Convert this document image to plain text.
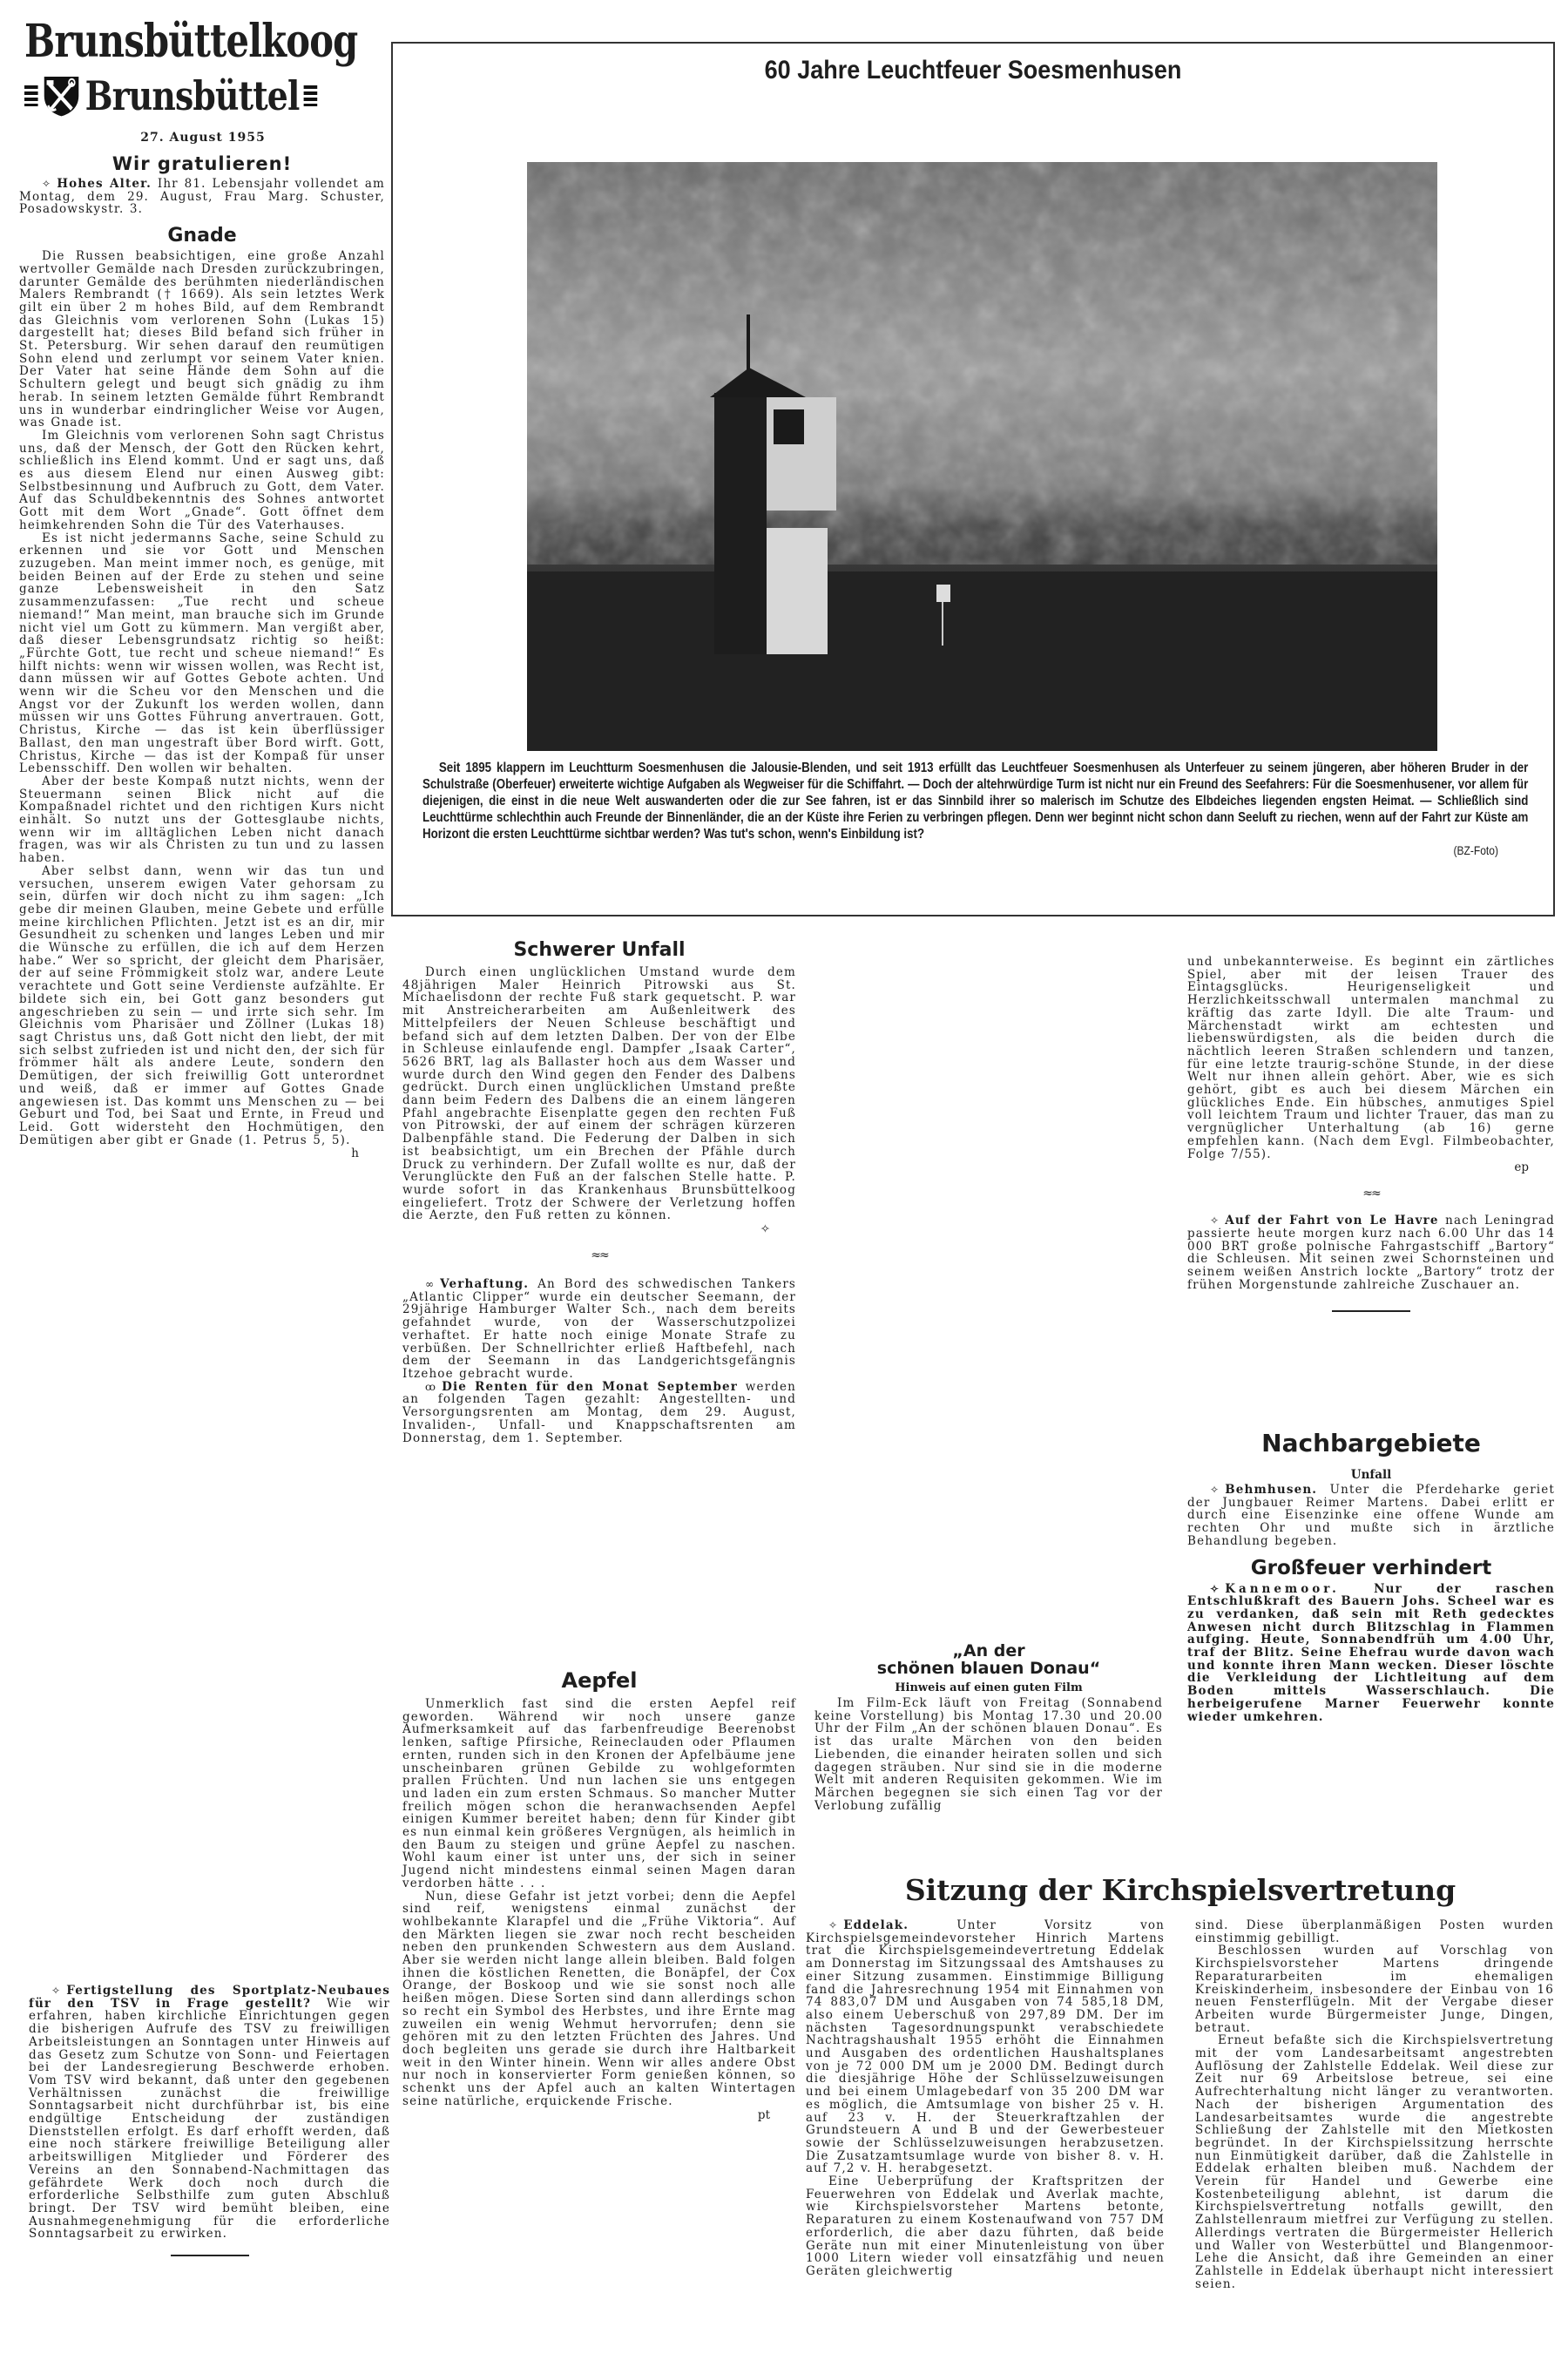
Brunsbüttelkoog
Brunsbüttel
27. August 1955
Wir gratulieren!

✧ Hohes Alter. Ihr 81. Lebensjahr vollendet am Montag, dem 29. August, Frau Marg. Schuster, Posadowskystr. 3.

Gnade

Die Russen beabsichtigen, eine große Anzahl wertvoller Gemälde nach Dresden zurückzubringen, darunter Gemälde des berühmten niederländischen Malers Rembrandt († 1669). Als sein letztes Werk gilt ein über 2 m hohes Bild, auf dem Rembrandt das Gleichnis vom verlorenen Sohn (Lukas 15) dargestellt hat; dieses Bild befand sich früher in St. Petersburg. Wir sehen darauf den reumütigen Sohn elend und zerlumpt vor seinem Vater knien. Der Vater hat seine Hände dem Sohn auf die Schultern gelegt und beugt sich gnädig zu ihm herab. In seinem letzten Gemälde führt Rembrandt uns in wunderbar eindringlicher Weise vor Augen, was Gnade ist.

Im Gleichnis vom verlorenen Sohn sagt Christus uns, daß der Mensch, der Gott den Rücken kehrt, schließlich ins Elend kommt. Und er sagt uns, daß es aus diesem Elend nur einen Ausweg gibt: Selbstbesinnung und Aufbruch zu Gott, dem Vater. Auf das Schuldbekenntnis des Sohnes antwortet Gott mit dem Wort „Gnade“. Gott öffnet dem heimkehrenden Sohn die Tür des Vaterhauses.

Es ist nicht jedermanns Sache, seine Schuld zu erkennen und sie vor Gott und Menschen zuzugeben. Man meint immer noch, es genüge, mit beiden Beinen auf der Erde zu stehen und seine ganze Lebensweisheit in den Satz zusammenzufassen: „Tue recht und scheue niemand!“ Man meint, man brauche sich im Grunde nicht viel um Gott zu kümmern. Man vergißt aber, daß dieser Lebensgrundsatz richtig so heißt: „Fürchte Gott, tue recht und scheue niemand!“ Es hilft nichts: wenn wir wissen wollen, was Recht ist, dann müssen wir auf Gottes Gebote achten. Und wenn wir die Scheu vor den Menschen und die Angst vor der Zukunft los werden wollen, dann müssen wir uns Gottes Führung anvertrauen. Gott, Christus, Kirche — das ist kein überflüssiger Ballast, den man ungestraft über Bord wirft. Gott, Christus, Kirche — das ist der Kompaß für unser Lebensschiff. Den wollen wir behalten.

Aber der beste Kompaß nutzt nichts, wenn der Steuermann seinen Blick nicht auf die Kompaßnadel richtet und den richtigen Kurs nicht einhält. So nutzt uns der Gottesglaube nichts, wenn wir im alltäglichen Leben nicht danach fragen, was wir als Christen zu tun und zu lassen haben.

Aber selbst dann, wenn wir das tun und versuchen, unserem ewigen Vater gehorsam zu sein, dürfen wir doch nicht zu ihm sagen: „Ich gebe dir meinen Glauben, meine Gebete und erfülle meine kirchlichen Pflichten. Jetzt ist es an dir, mir Gesundheit zu schenken und langes Leben und mir die Wünsche zu erfüllen, die ich auf dem Herzen habe.“ Wer so spricht, der gleicht dem Pharisäer, der auf seine Frömmigkeit stolz war, andere Leute verachtete und Gott seine Verdienste aufzählte. Er bildete sich ein, bei Gott ganz besonders gut angeschrieben zu sein — und irrte sich sehr. Im Gleichnis vom Pharisäer und Zöllner (Lukas 18) sagt Christus uns, daß Gott nicht den liebt, der mit sich selbst zufrieden ist und nicht den, der sich für frömmer hält als andere Leute, sondern den Demütigen, der sich freiwillig Gott unterordnet und weiß, daß er immer auf Gottes Gnade angewiesen ist. Das kommt uns Menschen zu — bei Geburt und Tod, bei Saat und Ernte, in Freud und Leid. Gott widersteht den Hochmütigen, den Demütigen aber gibt er Gnade (1. Petrus 5, 5).

h

✧ Fertigstellung des Sportplatz-Neubaues für den TSV in Frage gestellt? Wie wir erfahren, haben kirchliche Einrichtungen gegen die bisherigen Aufrufe des TSV zu freiwilligen Arbeitsleistungen an Sonntagen unter Hinweis auf das Gesetz zum Schutze von Sonn- und Feiertagen bei der Landesregierung Beschwerde erhoben. Vom TSV wird bekannt, daß unter den gegebenen Verhältnissen zunächst die freiwillige Sonntagsarbeit nicht durchführbar ist, bis eine endgültige Entscheidung der zuständigen Dienststellen erfolgt. Es darf erhofft werden, daß eine noch stärkere freiwillige Beteiligung aller arbeitswilligen Mitglieder und Förderer des Vereins an den Sonnabend-Nachmittagen das gefährdete Werk doch noch durch die erforderliche Selbsthilfe zum guten Abschluß bringt. Der TSV wird bemüht bleiben, eine Ausnahmegenehmigung für die erforderliche Sonntagsarbeit zu erwirken.

60 Jahre Leuchtfeuer Soesmenhusen

Seit 1895 klappern im Leuchtturm Soesmenhusen die Jalousie-Blenden, und seit 1913 erfüllt das Leuchtfeuer Soesmenhusen als Unterfeuer zu seinem jüngeren, aber höheren Bruder in der Schulstraße (Oberfeuer) erweiterte wichtige Aufgaben als Wegweiser für die Schiffahrt. — Doch der altehrwürdige Turm ist nicht nur ein Freund des Seefahrers: Für die Soesmenhusener, vor allem für diejenigen, die einst in die neue Welt auswanderten oder die zur See fahren, ist er das Sinnbild ihrer so malerisch im Schutze des Elbdeiches liegenden engsten Heimat. — Schließlich sind Leuchttürme schlechthin auch Freunde der Binnenländer, die an der Küste ihre Ferien zu verbringen pflegen. Denn wer beginnt nicht schon dann Seeluft zu riechen, wenn auf der Fahrt zur Küste am Horizont die ersten Leuchttürme sichtbar werden? Was tut's schon, wenn's Einbildung ist?

(BZ-Foto)
Schwerer Unfall

Durch einen unglücklichen Umstand wurde dem 48jährigen Maler Heinrich Pitrowski aus St. Michaelisdonn der rechte Fuß stark gequetscht. P. war mit Anstreicherarbeiten am Außenleitwerk des Mittelpfeilers der Neuen Schleuse beschäftigt und befand sich auf dem letzten Dalben. Der von der Elbe in Schleuse einlaufende engl. Dampfer „Isaak Carter“, 5626 BRT, lag als Ballaster hoch aus dem Wasser und wurde durch den Wind gegen den Fender des Dalbens gedrückt. Durch einen unglücklichen Umstand preßte dann beim Federn des Dalbens die an einem längeren Pfahl angebrachte Eisenplatte gegen den rechten Fuß von Pitrowski, der auf einem der schrägen kürzeren Dalbenpfähle stand. Die Federung der Dalben in sich ist beabsichtigt, um ein Brechen der Pfähle durch Druck zu verhindern. Der Zufall wollte es nur, daß der Verunglückte den Fuß an der falschen Stelle hatte. P. wurde sofort in das Krankenhaus Brunsbüttelkoog eingeliefert. Trotz der Schwere der Verletzung hoffen die Aerzte, den Fuß retten zu können.

✧
≈≈

∞ Verhaftung. An Bord des schwedischen Tankers „Atlantic Clipper“ wurde ein deutscher Seemann, der 29jährige Hamburger Walter Sch., nach dem bereits gefahndet wurde, von der Wasserschutzpolizei verhaftet. Er hatte noch einige Monate Strafe zu verbüßen. Der Schnellrichter erließ Haftbefehl, nach dem der Seemann in das Landgerichtsgefängnis Itzehoe gebracht wurde.

ꝏ Die Renten für den Monat September werden an folgenden Tagen gezahlt: Angestellten- und Versorgungsrenten am Montag, dem 29. August, Invaliden-, Unfall- und Knappschaftsrenten am Donnerstag, dem 1. September.

Aepfel

Unmerklich fast sind die ersten Aepfel reif geworden. Während wir noch unsere ganze Aufmerksamkeit auf das farbenfreudige Beerenobst lenken, saftige Pfirsiche, Reineclauden oder Pflaumen ernten, runden sich in den Kronen der Apfelbäume jene unscheinbaren grünen Gebilde zu wohlgeformten prallen Früchten. Und nun lachen sie uns entgegen und laden ein zum ersten Schmaus. So mancher Mutter freilich mögen schon die heranwachsenden Aepfel einigen Kummer bereitet haben; denn für Kinder gibt es nun einmal kein größeres Vergnügen, als heimlich in den Baum zu steigen und grüne Aepfel zu naschen. Wohl kaum einer ist unter uns, der sich in seiner Jugend nicht mindestens einmal seinen Magen daran verdorben hätte . . .

Nun, diese Gefahr ist jetzt vorbei; denn die Aepfel sind reif, wenigstens einmal zunächst der wohlbekannte Klarapfel und die „Frühe Viktoria“. Auf den Märkten liegen sie zwar noch recht bescheiden neben den prunkenden Schwestern aus dem Ausland. Aber sie werden nicht lange allein bleiben. Bald folgen ihnen die köstlichen Renetten, die Bonäpfel, der Cox Orange, der Boskoop und wie sie sonst noch alle heißen mögen. Diese Sorten sind dann allerdings schon so recht ein Symbol des Herbstes, und ihre Ernte mag zuweilen ein wenig Wehmut hervorrufen; denn sie gehören mit zu den letzten Früchten des Jahres. Und doch begleiten uns gerade sie durch ihre Haltbarkeit weit in den Winter hinein. Wenn wir alles andere Obst nur noch in konservierter Form genießen können, so schenkt uns der Apfel auch an kalten Wintertagen seine natürliche, erquickende Frische.

pt
„An der
schönen blauen Donau“
Hinweis auf einen guten Film

Im Film-Eck läuft von Freitag (Sonnabend keine Vorstellung) bis Montag 17.30 und 20.00 Uhr der Film „An der schönen blauen Donau“. Es ist das uralte Märchen von den beiden Liebenden, die einander heiraten sollen und sich dagegen sträuben. Nur sind sie in die moderne Welt mit anderen Requisiten gekommen. Wie im Märchen begegnen sie sich einen Tag vor der Verlobung zufällig

und unbekannterweise. Es beginnt ein zärtliches Spiel, aber mit der leisen Trauer des Eintagsglücks. Heurigenseligkeit und Herzlichkeitsschwall untermalen manchmal zu kräftig das zarte Idyll. Die alte Traum- und Märchenstadt wirkt am echtesten und liebenswürdigsten, als die beiden durch die nächtlich leeren Straßen schlendern und tanzen, für eine letzte traurig-schöne Stunde, in der diese Welt nur ihnen allein gehört. Aber, wie es sich gehört, gibt es auch bei diesem Märchen ein glückliches Ende. Ein hübsches, anmutiges Spiel voll leichtem Traum und lichter Trauer, das man zu vergnüglicher Unterhaltung (ab 16) gerne empfehlen kann. (Nach dem Evgl. Filmbeobachter, Folge 7/55).

ep
≈≈

✧ Auf der Fahrt von Le Havre nach Leningrad passierte heute morgen kurz nach 6.00 Uhr das 14 000 BRT große polnische Fahrgastschiff „Bartory“ die Schleusen. Mit seinen zwei Schornsteinen und seinem weißen Anstrich lockte „Bartory“ trotz der frühen Morgenstunde zahlreiche Zuschauer an.

Nachbargebiete
Unfall

✧ Behmhusen. Unter die Pferdeharke geriet der Jungbauer Reimer Martens. Dabei erlitt er durch eine Eisenzinke eine offene Wunde am rechten Ohr und mußte sich in ärztliche Behandlung begeben.

Großfeuer verhindert

✧ Kannemoor.	Nur der raschen Entschlußkraft des Bauern Johs. Scheel war es zu verdanken, daß sein mit Reth gedecktes Anwesen nicht durch Blitzschlag in Flammen aufging. Heute, Sonnabendfrüh um 4.00 Uhr, traf der Blitz. Seine Ehefrau wurde davon wach und konnte ihren Mann wecken. Dieser löschte die Verkleidung der Lichtleitung auf dem Boden mittels Wasserschlauch. Die herbeigerufene Marner Feuerwehr konnte wieder umkehren.

Sitzung der Kirchspielsvertretung

✧ Eddelak.	Unter Vorsitz von Kirchspielsgemeindevorsteher Hinrich Martens trat die Kirchspielsgemeindevertretung Eddelak am Donnerstag im Sitzungssaal des Amtshauses zu einer Sitzung zusammen. Einstimmige Billigung fand die Jahresrechnung 1954 mit Einnahmen von 74 883,07 DM und Ausgaben von 74 585,18 DM, also einem Ueberschuß von 297,89 DM. Der im nächsten Tagesordnungspunkt verabschiedete Nachtragshaushalt 1955 erhöht die Einnahmen und Ausgaben des ordentlichen Haushaltsplanes von je 72 000 DM um je 2000 DM. Bedingt durch die diesjährige Höhe der Schlüsselzuweisungen und bei einem Umlagebedarf von 35 200 DM war es möglich, die Amtsumlage von bisher 25 v. H. auf 23 v. H. der Steuerkraftzahlen der Grundsteuern A und B und der Gewerbesteuer sowie der Schlüsselzuweisungen herabzusetzen. Die Zusatzamtsumlage wurde von bisher 8. v. H. auf 7,2 v. H. herabgesetzt.

Eine Ueberprüfung der Kraftspritzen der Feuerwehren von Eddelak und Averlak machte, wie Kirchspielsvorsteher Martens betonte, Reparaturen zu einem Kostenaufwand von 757 DM erforderlich, die aber dazu führten, daß beide Geräte nun mit einer Minutenleistung von über 1000 Litern wieder voll einsatzfähig und neuen Geräten gleichwertig

sind. Diese überplanmäßigen Posten wurden einstimmig gebilligt.

Beschlossen wurden auf Vorschlag von Kirchspielsvorsteher Martens dringende Reparaturarbeiten im ehemaligen Kreiskinderheim, insbesondere der Einbau von 16 neuen Fensterflügeln. Mit der Vergabe dieser Arbeiten wurde Bürgermeister Junge, Dingen, betraut.

Erneut befaßte sich die Kirchspielsvertretung mit der vom Landesarbeitsamt angestrebten Auflösung der Zahlstelle Eddelak. Weil diese zur Zeit nur 69 Arbeitslose betreue, sei eine Aufrechterhaltung nicht länger zu verantworten. Nach der bisherigen Argumentation des Landesarbeitsamtes wurde die angestrebte Schließung der Zahlstelle mit den Mietkosten begründet. In der Kirchspielssitzung herrschte nun Einmütigkeit darüber, daß die Zahlstelle in Eddelak erhalten bleiben muß. Nachdem der Verein für Handel und Gewerbe eine Kostenbeteiligung ablehnt, ist darum die Kirchspielsvertretung notfalls gewillt, den Zahlstellenraum mietfrei zur Verfügung zu stellen. Allerdings vertraten die Bürgermeister Hellerich und Waller von Westerbüttel und Blangenmoor-Lehe die Ansicht, daß ihre Gemeinden an einer Zahlstelle in Eddelak überhaupt nicht interessiert seien.
